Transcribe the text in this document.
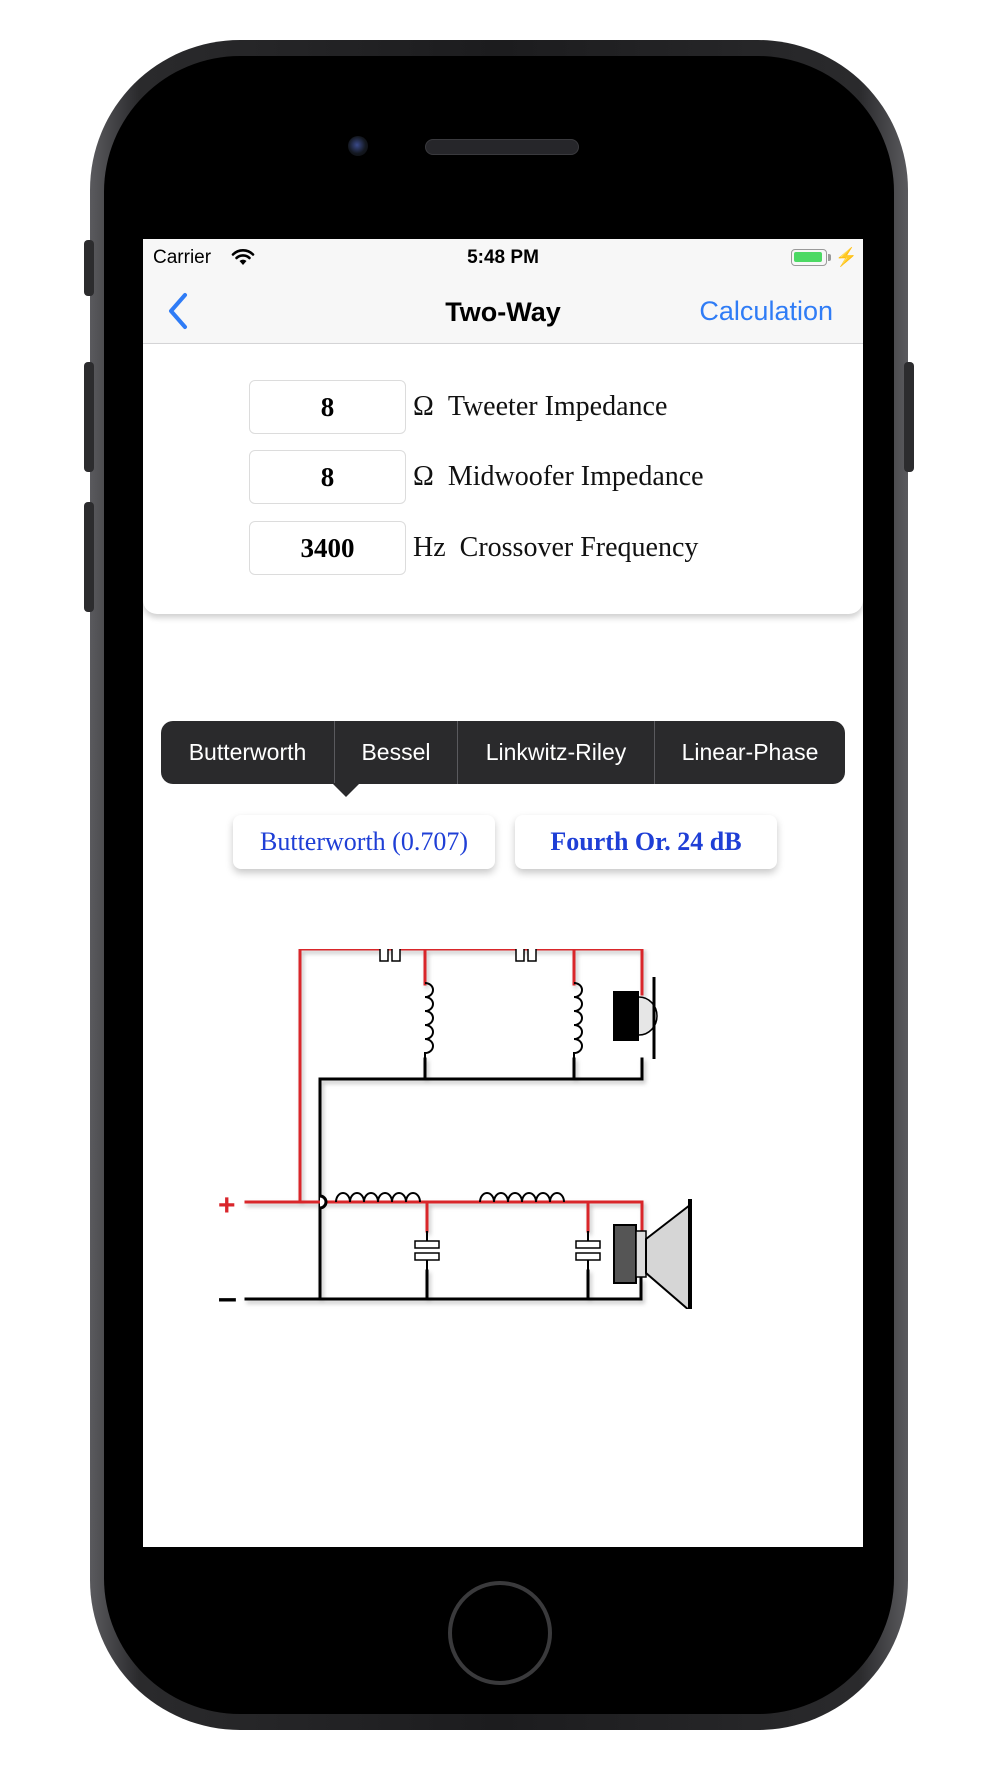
Carrier	5:48 PM	⚡
Two-Way	Calculation
8	Ω Tweeter Impedance
8	Ω Midwoofer Impedance
3400	Hz Crossover Frequency
Butterworth	Bessel	Linkwitz-Riley	Linear-Phase
Butterworth (0.707)	Fourth Or. 24 dB
+
–
